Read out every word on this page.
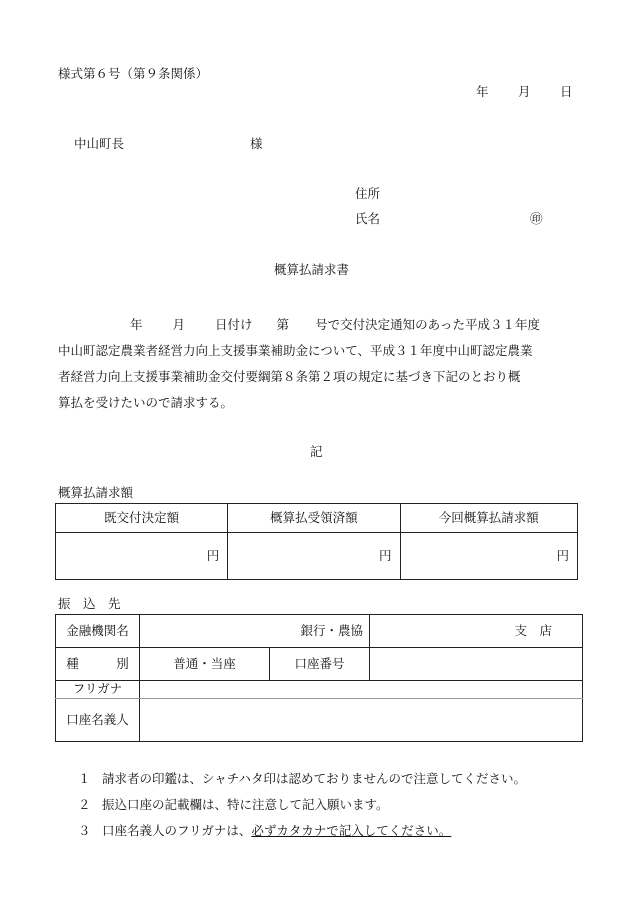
様式第６号（第９条関係）
年 月 日
中山町長	様
住所
氏名	㊞
概算払請求書

年 月 日付け 第 号で交付決定通知のあった平成３１年度

中山町認定農業者経営力向上支援事業補助金について、平成３１年度中山町認定農業

者経営力向上支援事業補助金交付要綱第８条第２項の規定に基づき下記のとおり概

算払を受けたいので請求する。

記
概算払請求額
既交付決定額	概算払受領済額	今回概算払請求額
円	円	円
振　込　先
金融機関名	銀行・農協		支　店
種　　　別	普通・当座	口座番号	
フリガナ			
口座名義人			
１ 請求者の印鑑は、シャチハタ印は認めておりませんので注意してください。
２ 振込口座の記載欄は、特に注意して記入願います。
３ 口座名義人のフリガナは、必ずカタカナで記入してください。
